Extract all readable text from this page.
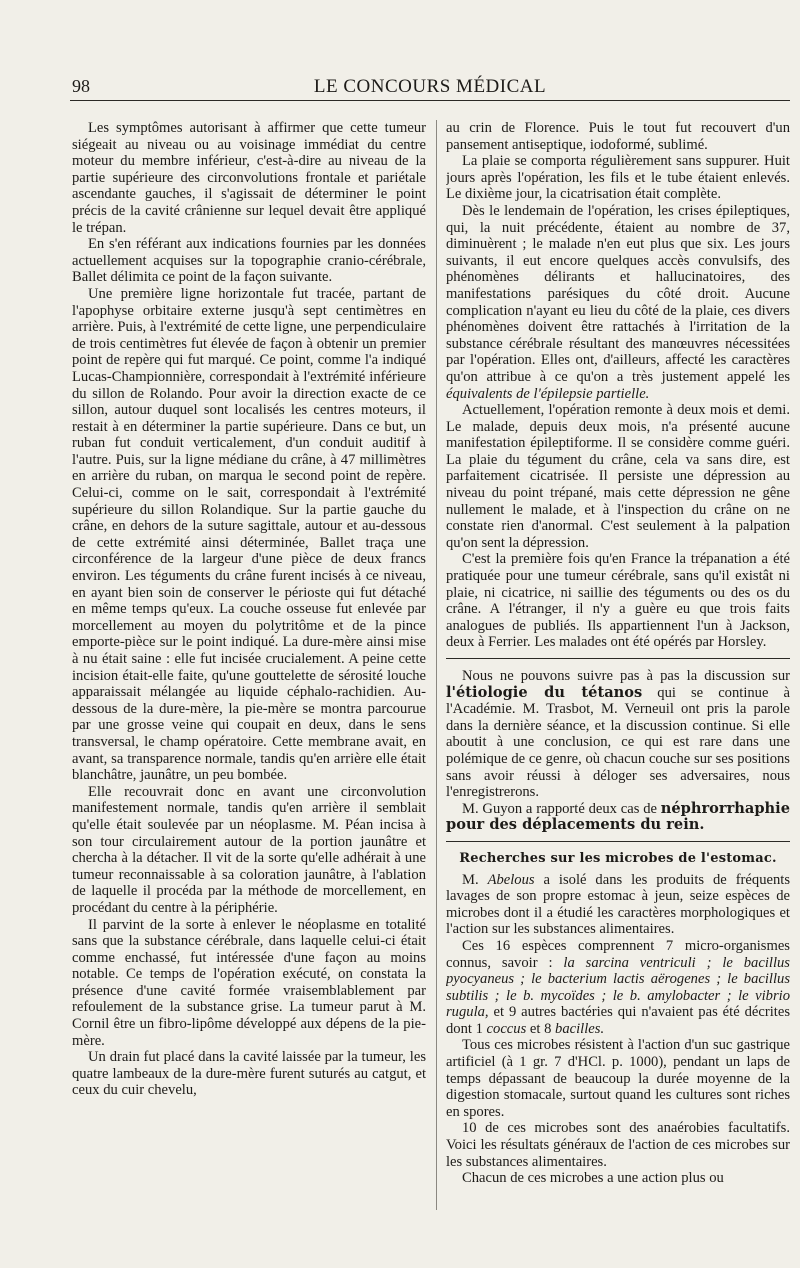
98	LE CONCOURS MÉDICAL

Les symptômes autorisant à affirmer que cette tumeur siégeait au niveau ou au voisinage immédiat du centre moteur du membre inférieur, c'est-à-dire au niveau de la partie supérieure des circonvolutions frontale et pariétale ascendante gauches, il s'agissait de déterminer le point précis de la cavité crânienne sur lequel devait être appliqué le trépan.

En s'en référant aux indications fournies par les données actuellement acquises sur la topographie cranio-cérébrale, Ballet délimita ce point de la façon suivante.

Une première ligne horizontale fut tracée, partant de l'apophyse orbitaire externe jusqu'à sept centimètres en arrière. Puis, à l'extrémité de cette ligne, une perpendiculaire de trois centimètres fut élevée de façon à obtenir un premier point de repère qui fut marqué. Ce point, comme l'a indiqué Lucas-Championnière, correspondait à l'extrémité inférieure du sillon de Rolando. Pour avoir la direction exacte de ce sillon, autour duquel sont localisés les centres moteurs, il restait à en déterminer la partie supérieure. Dans ce but, un ruban fut conduit verticalement, d'un conduit auditif à l'autre. Puis, sur la ligne médiane du crâne, à 47 millimètres en arrière du ruban, on marqua le second point de repère. Celui-ci, comme on le sait, correspondait à l'extrémité supérieure du sillon Rolandique. Sur la partie gauche du crâne, en dehors de la suture sagittale, autour et au-dessous de cette extrémité ainsi déterminée, Ballet traça une circonférence de la largeur d'une pièce de deux francs environ. Les téguments du crâne furent incisés à ce niveau, en ayant bien soin de conserver le périoste qui fut détaché en même temps qu'eux. La couche osseuse fut enlevée par morcellement au moyen du polytritôme et de la pince emporte-pièce sur le point indiqué. La dure-mère ainsi mise à nu était saine : elle fut incisée crucialement. A peine cette incision était-elle faite, qu'une gouttelette de sérosité louche apparaissait mélangée au liquide céphalo-rachidien. Au-dessous de la dure-mère, la pie-mère se montra parcourue par une grosse veine qui coupait en deux, dans le sens transversal, le champ opératoire. Cette membrane avait, en avant, sa transparence normale, tandis qu'en arrière elle était blanchâtre, jaunâtre, un peu bombée.

Elle recouvrait donc en avant une circonvolution manifestement normale, tandis qu'en arrière il semblait qu'elle était soulevée par un néoplasme. M. Péan incisa à son tour circulairement autour de la portion jaunâtre et chercha à la détacher. Il vit de la sorte qu'elle adhérait à une tumeur reconnaissable à sa coloration jaunâtre, à l'ablation de laquelle il procéda par la méthode de morcellement, en procédant du centre à la périphérie.

Il parvint de la sorte à enlever le néoplasme en totalité sans que la substance cérébrale, dans laquelle celui-ci était comme enchassé, fut intéressée d'une façon au moins notable. Ce temps de l'opération exécuté, on constata la présence d'une cavité formée vraisemblablement par refoulement de la substance grise. La tumeur parut à M. Cornil être un fibro-lipôme développé aux dépens de la pie-mère.

Un drain fut placé dans la cavité laissée par la tumeur, les quatre lambeaux de la dure-mère furent suturés au catgut, et ceux du cuir chevelu,

au crin de Florence. Puis le tout fut recouvert d'un pansement antiseptique, iodoformé, sublimé.

La plaie se comporta régulièrement sans suppurer. Huit jours après l'opération, les fils et le tube étaient enlevés. Le dixième jour, la cicatrisation était complète.

Dès le lendemain de l'opération, les crises épileptiques, qui, la nuit précédente, étaient au nombre de 37, diminuèrent ; le malade n'en eut plus que six. Les jours suivants, il eut encore quelques accès convulsifs, des phénomènes délirants et hallucinatoires, des manifestations parésiques du côté droit. Aucune complication n'ayant eu lieu du côté de la plaie, ces divers phénomènes doivent être rattachés à l'irritation de la substance cérébrale résultant des manœuvres nécessitées par l'opération. Elles ont, d'ailleurs, affecté les caractères qu'on attribue à ce qu'on a très justement appelé les équivalents de l'épilepsie partielle.

Actuellement, l'opération remonte à deux mois et demi. Le malade, depuis deux mois, n'a présenté aucune manifestation épileptiforme. Il se considère comme guéri. La plaie du tégument du crâne, cela va sans dire, est parfaitement cicatrisée. Il persiste une dépression au niveau du point trépané, mais cette dépression ne gêne nullement le malade, et à l'inspection du crâne on ne constate rien d'anormal. C'est seulement à la palpation qu'on sent la dépression.

C'est la première fois qu'en France la trépanation a été pratiquée pour une tumeur cérébrale, sans qu'il existât ni plaie, ni cicatrice, ni saillie des téguments ou des os du crâne. A l'étranger, il n'y a guère eu que trois faits analogues de publiés. Ils appartiennent l'un à Jackson, deux à Ferrier. Les malades ont été opérés par Horsley.

Nous ne pouvons suivre pas à pas la discussion sur l'étiologie du tétanos qui se continue à l'Académie. M. Trasbot, M. Verneuil ont pris la parole dans la dernière séance, et la discussion continue. Si elle aboutit à une conclusion, ce qui est rare dans une polémique de ce genre, où chacun couche sur ses positions sans avoir réussi à déloger ses adversaires, nous l'enregistrerons.

M. Guyon a rapporté deux cas de néphrorrhaphie pour des déplacements du rein.

Recherches sur les microbes de l'estomac.

M. Abelous a isolé dans les produits de fréquents lavages de son propre estomac à jeun, seize espèces de microbes dont il a étudié les caractères morphologiques et l'action sur les substances alimentaires.

Ces 16 espèces comprennent 7 micro-organismes connus, savoir : la sarcina ventriculi ; le bacillus pyocyaneus ; le bacterium lactis aërogenes ; le bacillus subtilis ; le b. mycoïdes ; le b. amylobacter ; le vibrio rugula, et 9 autres bactéries qui n'avaient pas été décrites dont 1 coccus et 8 bacilles.

Tous ces microbes résistent à l'action d'un suc gastrique artificiel (à 1 gr. 7 d'HCl. p. 1000), pendant un laps de temps dépassant de beaucoup la durée moyenne de la digestion stomacale, surtout quand les cultures sont riches en spores.

10 de ces microbes sont des anaérobies facultatifs. Voici les résultats généraux de l'action de ces microbes sur les substances alimentaires.

Chacun de ces microbes a une action plus ou
